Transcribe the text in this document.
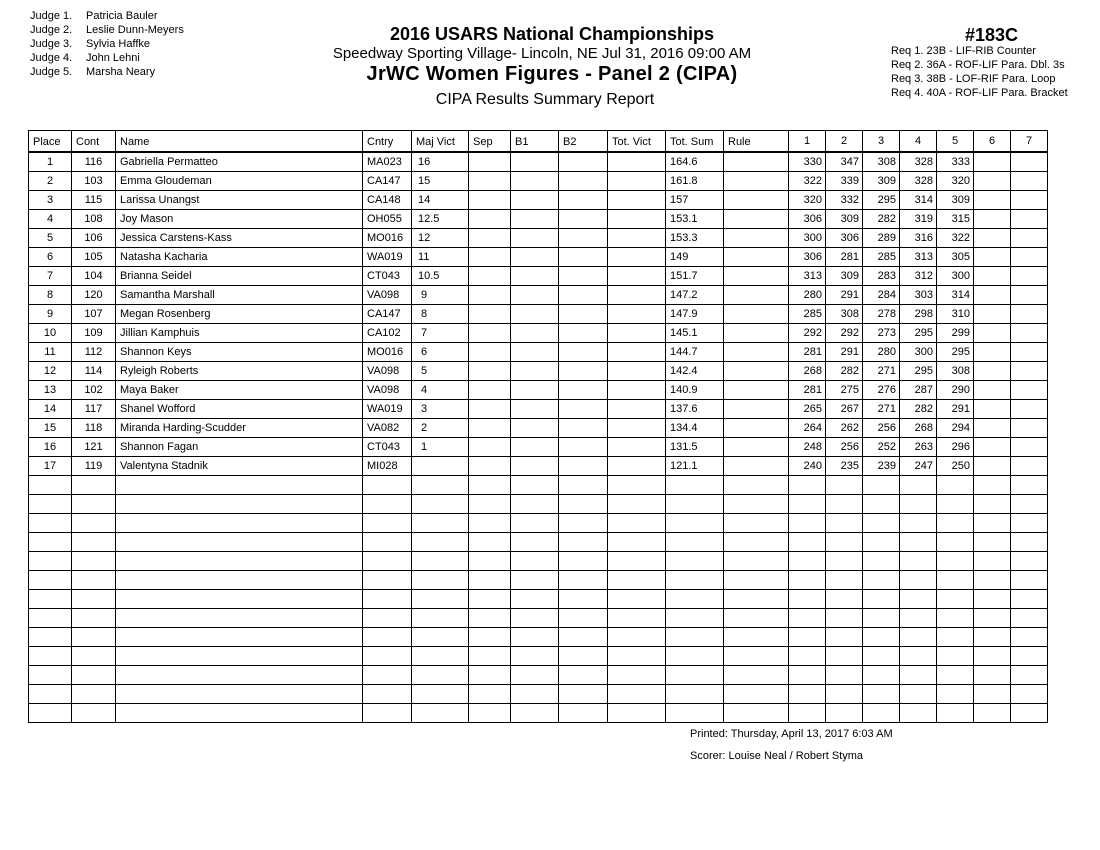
Judge 1. Patricia Bauler
Judge 2. Leslie Dunn-Meyers
Judge 3. Sylvia Haffke
Judge 4. John Lehni
Judge 5. Marsha Neary
2016 USARS National Championships
Speedway Sporting Village- Lincoln, NE Jul 31, 2016 09:00 AM
JrWC Women Figures - Panel 2 (CIPA)
CIPA Results Summary Report
#183C
Req 1. 23B - LIF-RIB Counter
Req 2. 36A - ROF-LIF Para. Dbl. 3s
Req 3. 38B - LOF-RIF Para. Loop
Req 4. 40A - ROF-LIF Para. Bracket
Place	Cont	Name	Cntry	Maj Vict	Sep	B1	B2	Tot. Vict	Tot. Sum	Rule	1	2	3	4	5	6	7
1	116	Gabriella Permatteo	MA023	16					164.6		330	347	308	328	333		
2	103	Emma Gloudeman	CA147	15					161.8		322	339	309	328	320		
3	115	Larissa Unangst	CA148	14					157		320	332	295	314	309		
4	108	Joy Mason	OH055	12.5					153.1		306	309	282	319	315		
5	106	Jessica Carstens-Kass	MO016	12					153.3		300	306	289	316	322		
6	105	Natasha Kacharia	WA019	11					149		306	281	285	313	305		
7	104	Brianna Seidel	CT043	10.5					151.7		313	309	283	312	300		
8	120	Samantha Marshall	VA098	9					147.2		280	291	284	303	314		
9	107	Megan Rosenberg	CA147	8					147.9		285	308	278	298	310		
10	109	Jillian Kamphuis	CA102	7					145.1		292	292	273	295	299		
11	112	Shannon Keys	MO016	6					144.7		281	291	280	300	295		
12	114	Ryleigh Roberts	VA098	5					142.4		268	282	271	295	308		
13	102	Maya Baker	VA098	4					140.9		281	275	276	287	290		
14	117	Shanel Wofford	WA019	3					137.6		265	267	271	282	291		
15	118	Miranda Harding-Scudder	VA082	2					134.4		264	262	256	268	294		
16	121	Shannon Fagan	CT043	1					131.5		248	256	252	263	296		
17	119	Valentyna Stadnik	MI028						121.1		240	235	239	247	250		

Printed: Thursday, April 13, 2017 6:03 AM
Scorer: Louise Neal / Robert Styma
